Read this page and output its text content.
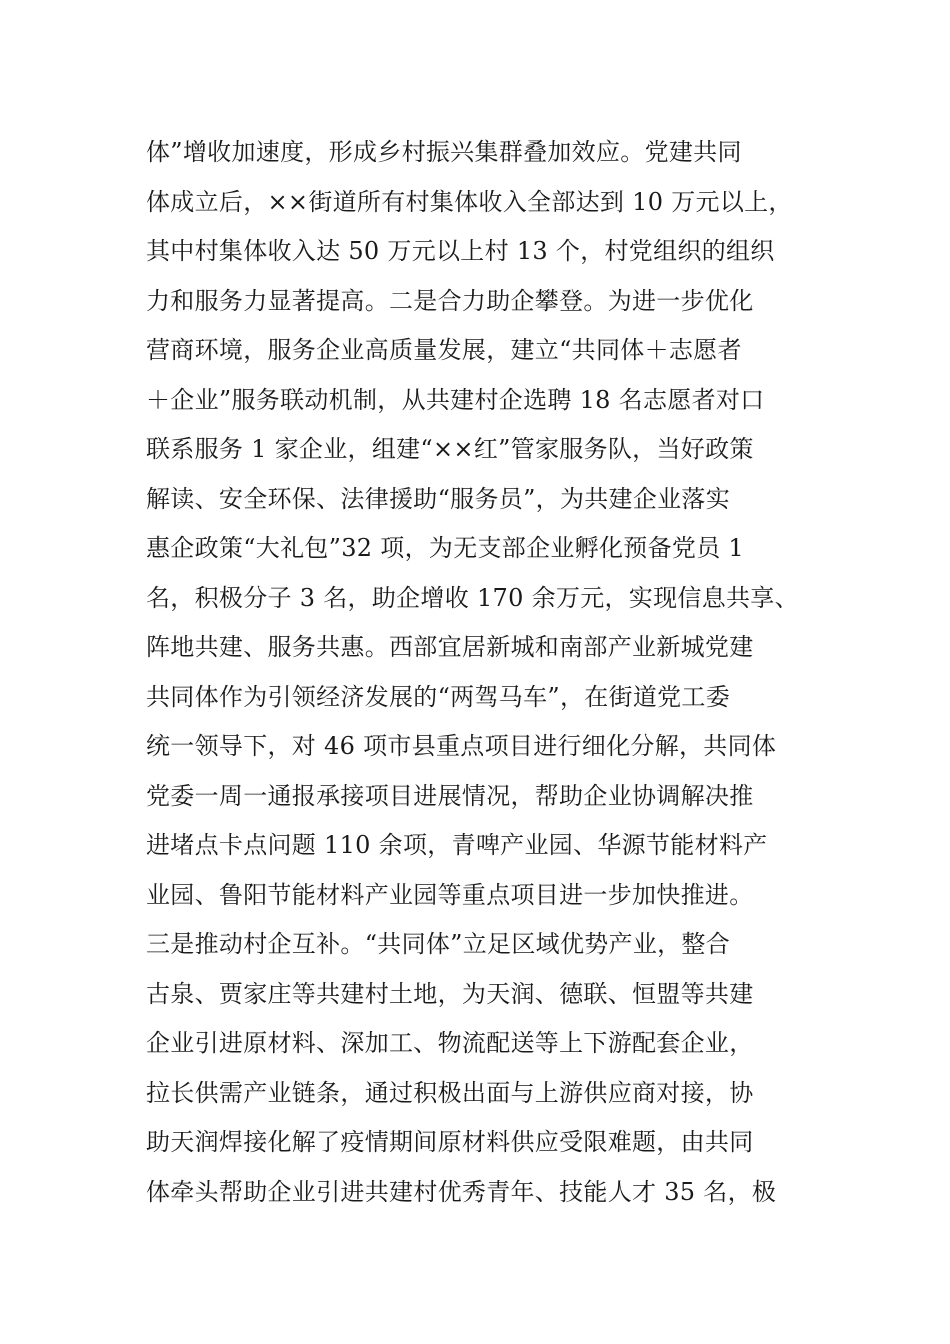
体”增收加速度，形成乡村振兴集群叠加效应。党建共同
体成立后，××街道所有村集体收入全部达到 10 万元以上，
其中村集体收入达 50 万元以上村 13 个，村党组织的组织
力和服务力显著提高。二是合力助企攀登。为进一步优化
营商环境，服务企业高质量发展，建立“共同体＋志愿者
＋企业”服务联动机制，从共建村企选聘 18 名志愿者对口
联系服务 1 家企业，组建“××红”管家服务队，当好政策
解读、安全环保、法律援助“服务员”，为共建企业落实
惠企政策“大礼包”32 项，为无支部企业孵化预备党员 1
名，积极分子 3 名，助企增收 170 余万元，实现信息共享、
阵地共建、服务共惠。西部宜居新城和南部产业新城党建
共同体作为引领经济发展的“两驾马车”，在街道党工委
统一领导下，对 46 项市县重点项目进行细化分解，共同体
党委一周一通报承接项目进展情况，帮助企业协调解决推
进堵点卡点问题 110 余项，青啤产业园、华源节能材料产
业园、鲁阳节能材料产业园等重点项目进一步加快推进。
三是推动村企互补。“共同体”立足区域优势产业，整合
古泉、贾家庄等共建村土地，为天润、德联、恒盟等共建
企业引进原材料、深加工、物流配送等上下游配套企业，
拉长供需产业链条，通过积极出面与上游供应商对接，协
助天润焊接化解了疫情期间原材料供应受限难题，由共同
体牵头帮助企业引进共建村优秀青年、技能人才 35 名，极
